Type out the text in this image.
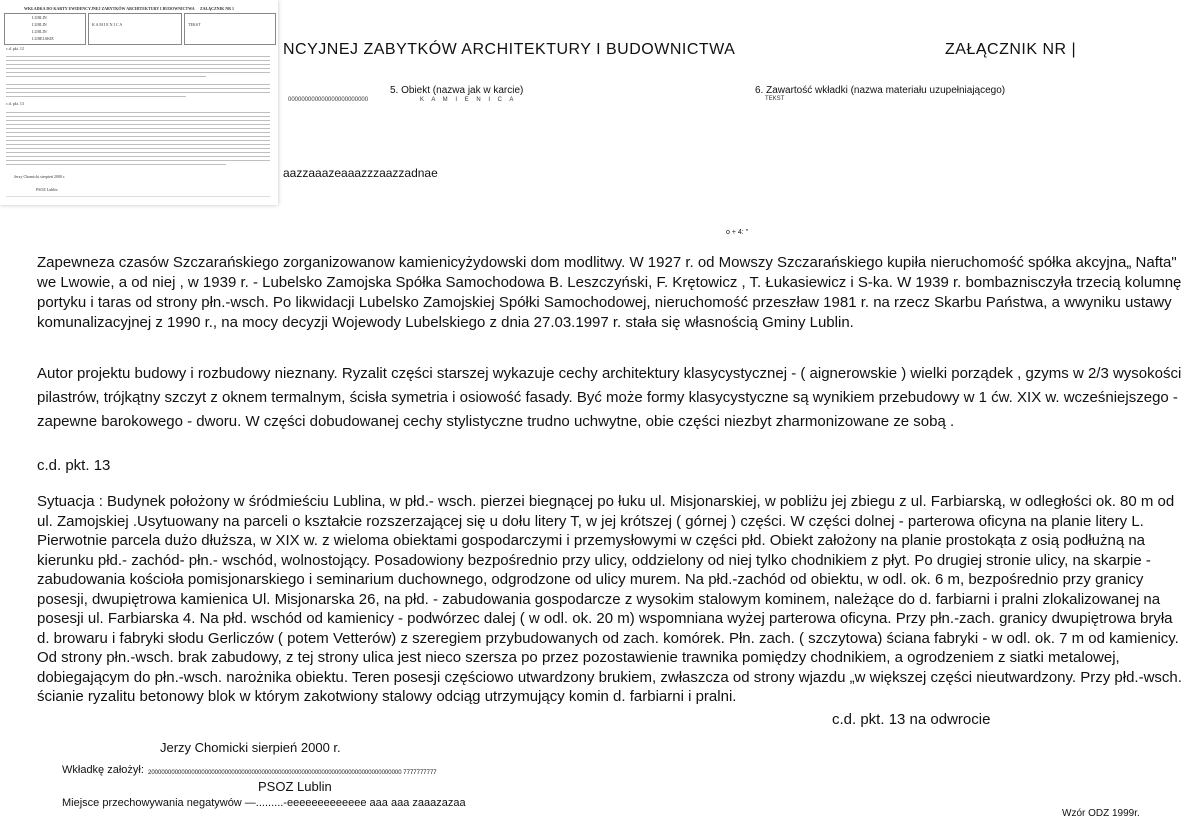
WKŁADKA DO KARTY EWIDENCYJNEJ ZABYTKÓW ARCHITEKTURY I BUDOWNICTWA ZAŁĄCZNIK NR 1
LUBLIN
LUBLIN
LUBLIN
LUBELSKIE
K A M I E N I C A	TEKST
c.d. pkt. 12
c.d. pkt. 13
Jerzy Chomicki sierpień 2000 r.
PSOZ Lublin
NCYJNEJ ZABYTKÓW ARCHITEKTURY I BUDOWNICTWA	ZAŁĄCZNIK NR |
5. Obiekt (nazwa jak w karcie)
K A M I E N I C A
000000000000000000000000
6. Zawartość wkładki (nazwa materiału uzupełniającego)
TEKST
aazzaaazeaaazzzaazzadnae
o + 4: "
Zapewneza czasów Szczarańskiego zorganizowanow kamienicyżydowski dom modlitwy. W 1927 r. od Mowszy Szczarańskiego kupiła nieruchomość spółka akcyjna„ Nafta" we Lwowie, a od niej , w 1939 r. - Lubelsko Zamojska Spółka Samochodowa B. Leszczyński, F. Krętowicz , T. Łukasiewicz i S-ka. W 1939 r. bombaznisczyła trzecią kolumnę portyku i taras od strony płn.-wsch. Po likwidacji Lubelsko Zamojskiej Spółki Samochodowej, nieruchomość przeszław 1981 r. na rzecz Skarbu Państwa, a wwyniku ustawy komunalizacyjnej z 1990 r., na mocy decyzji Wojewody Lubelskiego z dnia 27.03.1997 r. stała się własnością Gminy Lublin.
Autor projektu budowy i rozbudowy nieznany. Ryzalit części starszej wykazuje cechy architektury klasycystycznej - ( aignerowskie ) wielki porządek , gzyms w 2/3 wysokości pilastrów, trójkątny szczyt z oknem termalnym, ścisła symetria i osiowość fasady. Być może formy klasycystyczne są wynikiem przebudowy w 1 ćw. XIX w. wcześniejszego - zapewne barokowego - dworu. W części dobudowanej cechy stylistyczne trudno uchwytne, obie części niezbyt zharmonizowane ze sobą .
c.d. pkt. 13
Sytuacja : Budynek położony w śródmieściu Lublina, w płd.- wsch. pierzei biegnącej po łuku ul. Misjonarskiej, w pobliżu jej zbiegu z ul. Farbiarską, w odległości ok. 80 m od ul. Zamojskiej .Usytuowany na parceli o kształcie rozszerzającej się u dołu litery T, w jej krótszej ( górnej ) części. W części dolnej - parterowa oficyna na planie litery L. Pierwotnie parcela dużo dłuższa, w XIX w. z wieloma obiektami gospodarczymi i przemysłowymi w części płd. Obiekt założony na planie prostokąta z osią podłużną na kierunku płd.- zachód- płn.- wschód, wolnostojący. Posadowiony bezpośrednio przy ulicy, oddzielony od niej tylko chodnikiem z płyt. Po drugiej stronie ulicy, na skarpie - zabudowania kościoła pomisjonarskiego i seminarium duchownego, odgrodzone od ulicy murem. Na płd.-zachód od obiektu, w odl. ok. 6 m, bezpośrednio przy granicy posesji, dwupiętrowa kamienica Ul. Misjonarska 26, na płd. - zabudowania gospodarcze z wysokim stalowym kominem, należące do d. farbiarni i pralni zlokalizowanej na posesji ul. Farbiarska 4. Na płd. wschód od kamienicy - podwórzec dalej ( w odl. ok. 20 m) wspomniana wyżej parterowa oficyna. Przy płn.-zach. granicy dwupiętrowa bryła d. browaru i fabryki słodu Gerliczów ( potem Vetterów) z szeregiem przybudowanych od zach. komórek. Płn. zach. ( szczytowa) ściana fabryki - w odl. ok. 7 m od kamienicy. Od strony płn.-wsch. brak zabudowy, z tej strony ulica jest nieco szersza po przez pozostawienie trawnika pomiędzy chodnikiem, a ogrodzeniem z siatki metalowej, dobiegającym do płn.-wsch. narożnika obiektu. Teren posesji częściowo utwardzony brukiem, zwłaszcza od strony wjazdu „w większej części nieutwardzony. Przy płd.-wsch. ścianie ryzalitu betonowy blok w którym zakotwiony stalowy odciąg utrzymujący komin d. farbiarni i pralni.
c.d. pkt. 13 na odwrocie
Jerzy Chomicki sierpień 2000 r.
Wkładkę założył: 2000000000000000000000000000000000000000000000000000000000000000000000000000 7777777777
PSOZ Lublin
Miejsce przechowywania negatywów —.........-eeeeeeeeeeeee aaa aaa zaaazazaa
Wzór ODZ 1999r.
